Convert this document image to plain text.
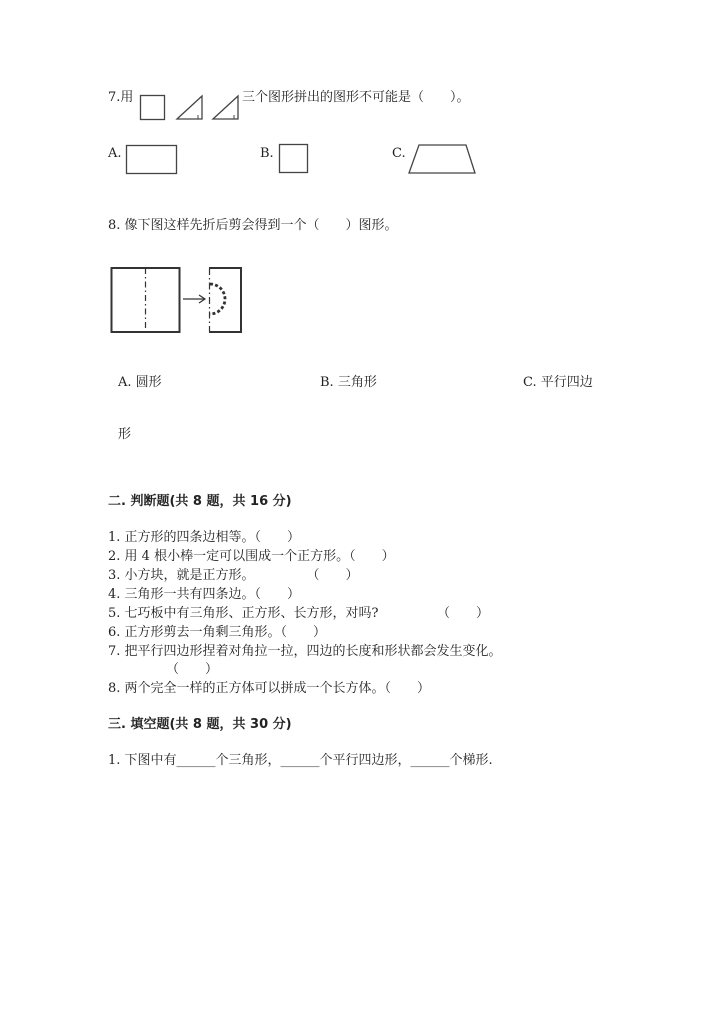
7.用	三个图形拼出的图形不可能是（　　）。
A.	B.	C.
8. 像下图这样先折后剪会得到一个（　　）图形。
A. 圆形	B. 三角形	C. 平行四边
形
二. 判断题(共 8 题，共 16 分)
1. 正方形的四条边相等。（　　）
2. 用 4 根小棒一定可以围成一个正方形。（　　）
3. 小方块，就是正方形。　　　　　（　　）
4. 三角形一共有四条边。（　　）
5. 七巧板中有三角形、正方形、长方形，对吗?　　　　　（　　）
6. 正方形剪去一角剩三角形。（　　）
7. 把平行四边形捏着对角拉一拉，四边的长度和形状都会发生变化。
（　　）
8. 两个完全一样的正方体可以拼成一个长方体。（　　）
三. 填空题(共 8 题，共 30 分)
1. 下图中有______个三角形，______个平行四边形，______个梯形.
